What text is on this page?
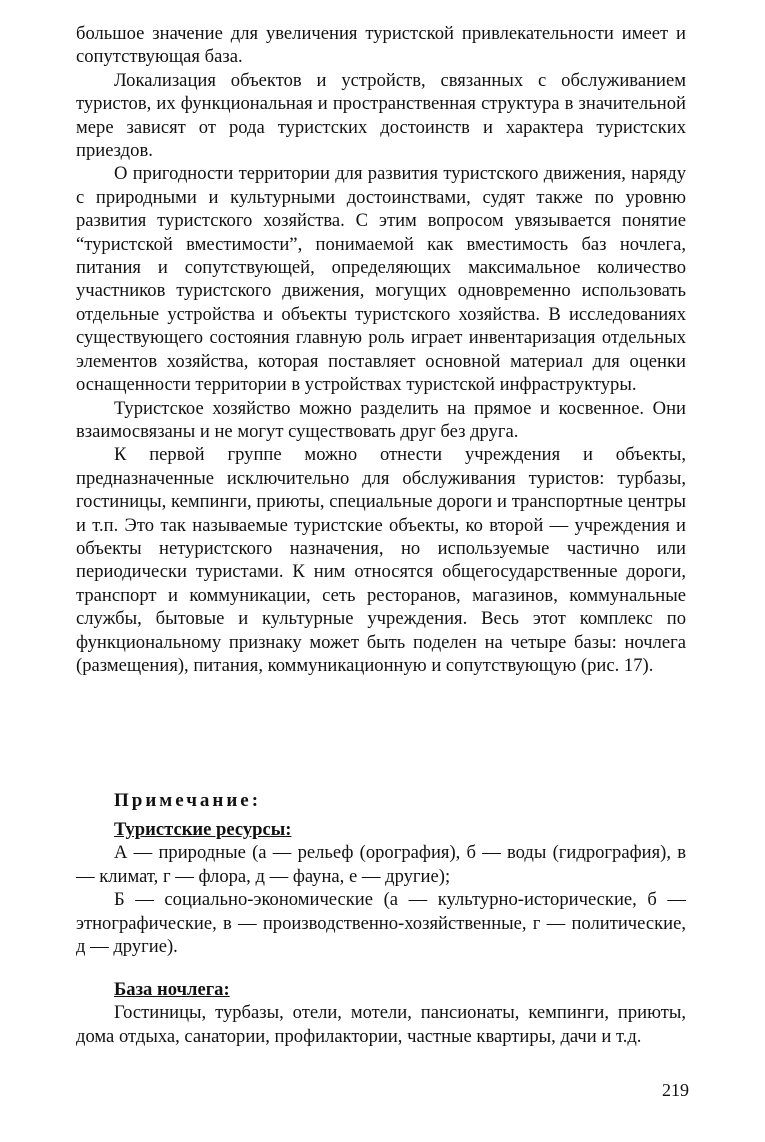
большое значение для увеличения туристской привлекательности имеет и сопутствующая база.

Локализация объектов и устройств, связанных с обслуживанием туристов, их функциональная и пространственная структура в значительной мере зависят от рода туристских достоинств и характера туристских приездов.

О пригодности территории для развития туристского движения, наряду с природными и культурными достоинствами, судят также по уровню развития туристского хозяйства. С этим вопросом увязывается понятие “туристской вместимости”, понимаемой как вместимость баз ночлега, питания и сопутствующей, определяющих максимальное количество участников туристского движения, могущих одновременно использовать отдельные устройства и объекты туристского хозяйства. В исследованиях существующего состояния главную роль играет инвентаризация отдельных элементов хозяйства, которая поставляет основной материал для оценки оснащенности территории в устройствах туристской инфраструктуры.

Туристское хозяйство можно разделить на прямое и косвенное. Они взаимосвязаны и не могут существовать друг без друга.

К первой группе можно отнести учреждения и объекты, предназначенные исключительно для обслуживания туристов: турбазы, гостиницы, кемпинги, приюты, специальные дороги и транспортные центры и т.п. Это так называемые туристские объекты, ко второй — учреждения и объекты нетуристского назначения, но используемые частично или периодически туристами. К ним относятся общегосударственные дороги, транспорт и коммуникации, сеть ресторанов, магазинов, коммунальные службы, бытовые и культурные учреждения. Весь этот комплекс по функциональному признаку может быть поделен на четыре базы: ночлега (размещения), питания, коммуникационную и сопутствующую (рис. 17).

Примечание:

Туристские ресурсы:

А — природные (а — рельеф (орография), б — воды (гидрография), в — климат, г — флора, д — фауна, е — другие);

Б — социально-экономические (а — культурно-исторические, б — этнографические, в — производственно-хозяйственные, г — политические, д — другие).

База ночлега:

Гостиницы, турбазы, отели, мотели, пансионаты, кемпинги, приюты, дома отдыха, санатории, профилактории, частные квартиры, дачи и т.д.

219
